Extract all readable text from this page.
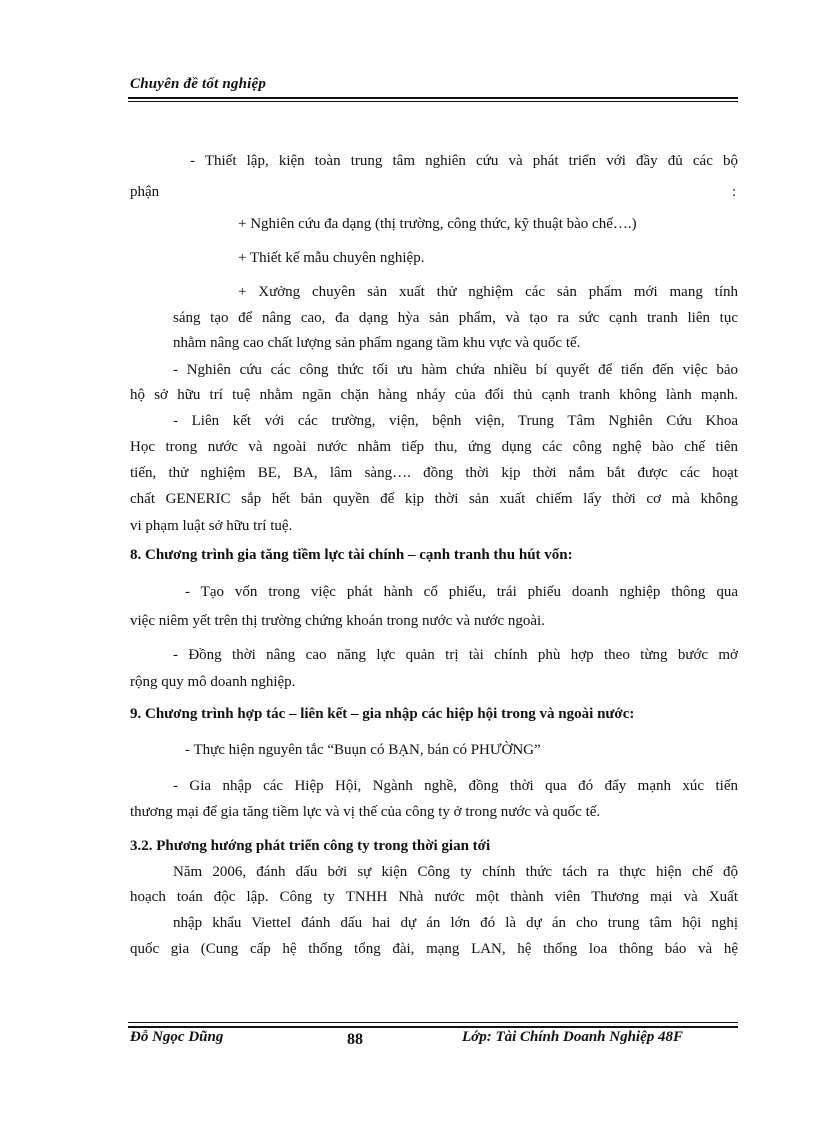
Chuyên đề tốt nghiệp
- Thiết lập, kiện toàn trung tâm nghiên cứu và phát triển với đầy đủ các bộ
phận	:
+ Nghiên cứu đa dạng (thị trường, công thức, kỹ thuật bào chế….)
+ Thiết kế mẫu chuyên nghiệp.
+ Xưởng chuyên sản xuất thử nghiệm các sản phẩm mới mang tính
sáng tạo để nâng cao, đa dạng hỳa sản phẩm, và tạo ra sức cạnh tranh liên tục
nhằm nâng cao chất lượng sản phẩm ngang tầm khu vực và quốc tế.
- Nghiên cứu các công thức tối ưu hàm chứa nhiều bí quyết để tiến đến việc bảo
hộ sở hữu trí tuệ nhằm ngăn chặn hàng nháy của đối thủ cạnh tranh không lành mạnh.
- Liên kết với các trường, viện, bệnh viện, Trung Tâm Nghiên Cứu Khoa
Học trong nước và ngoài nước nhằm tiếp thu, ứng dụng các công nghệ bào chế tiên
tiến, thử nghiệm BE, BA, lâm sàng…. đồng thời kịp thời nắm bắt được các hoạt
chất GENERIC sắp hết bản quyền để kịp thời sản xuất chiếm lấy thời cơ mà không
vi phạm luật sở hữu trí tuệ.
8. Chương trình gia tăng tiềm lực tài chính – cạnh tranh thu hút vốn:
- Tạo vốn trong việc phát hành cổ phiếu, trái phiếu doanh nghiệp thông qua
việc niêm yết trên thị trường chứng khoán trong nước và nước ngoài.
- Đồng thời nâng cao năng lực quản trị tài chính phù hợp theo từng bước mở
rộng quy mô doanh nghiệp.
9. Chương trình hợp tác – liên kết – gia nhập các hiệp hội trong và ngoài nước:
- Thực hiện nguyên tắc “Buụn có BẠN, bán có PHƯỜNG”
- Gia nhập các Hiệp Hội, Ngành nghề, đồng thời qua đó đẩy mạnh xúc tiến
thương mại để gia tăng tiềm lực và vị thế của công ty ở trong nước và quốc tế.
3.2. Phương hướng phát triển công ty trong thời gian tới
Năm 2006, đánh dấu bởi sự kiện Công ty chính thức tách ra thực hiện chế độ
hoạch toán độc lập. Công ty TNHH Nhà nước một thành viên Thương mại và Xuất
nhập khẩu Viettel đánh dấu hai dự án lớn đó là dự án cho trung tâm hội nghị
quốc gia (Cung cấp hệ thống tổng đài, mạng LAN, hệ thống loa thông báo và hệ
Đỗ Ngọc Dũng	88	Lớp: Tài Chính Doanh Nghiệp 48F
